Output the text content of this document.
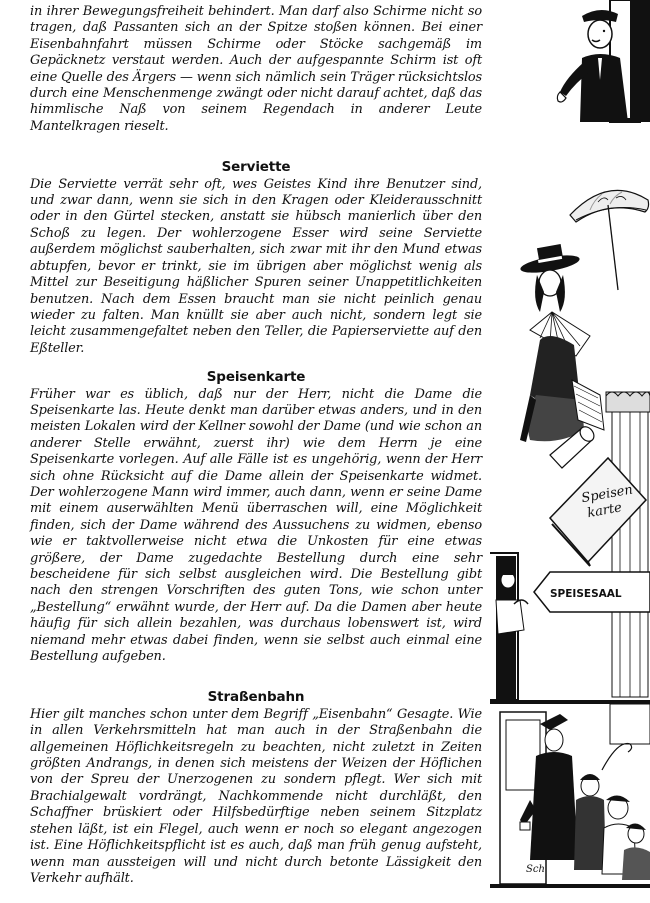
in ihrer Bewegungsfreiheit behindert. Man darf also Schirme nicht so tragen, daß Passanten sich an der Spitze stoßen können. Bei einer Eisenbahnfahrt müssen Schirme oder Stöcke sachgemäß im Gepäcknetz verstaut werden. Auch der aufgespannte Schirm ist oft eine Quelle des Ärgers — wenn sich nämlich sein Träger rücksichtslos durch eine Menschenmenge zwängt oder nicht darauf achtet, daß das himmlische Naß von seinem Regendach in anderer Leute Mantelkragen rieselt.

Serviette

Die Serviette verrät sehr oft, wes Geistes Kind ihre Benutzer sind, und zwar dann, wenn sie sich in den Kragen oder Kleiderausschnitt oder in den Gürtel stecken, anstatt sie hübsch manierlich über den Schoß zu legen. Der wohlerzogene Esser wird seine Serviette außerdem möglichst sauberhalten, sich zwar mit ihr den Mund etwas abtupfen, bevor er trinkt, sie im übrigen aber möglichst wenig als Mittel zur Beseitigung häßlicher Spuren seiner Unappetitlichkeiten benutzen. Nach dem Essen braucht man sie nicht peinlich genau wieder zu falten. Man knüllt sie aber auch nicht, sondern legt sie leicht zusammengefaltet neben den Teller, die Papierserviette auf den Eßteller.

Speisenkarte

Früher war es üblich, daß nur der Herr, nicht die Dame die Speisenkarte las. Heute denkt man darüber etwas anders, und in den meisten Lokalen wird der Kellner sowohl der Dame (und wie schon an anderer Stelle erwähnt, zuerst ihr) wie dem Herrn je eine Speisenkarte vorlegen. Auf alle Fälle ist es ungehörig, wenn der Herr sich ohne Rücksicht auf die Dame allein der Speisenkarte widmet. Der wohlerzogene Mann wird immer, auch dann, wenn er seine Dame mit einem auserwählten Menü überraschen will, eine Möglichkeit finden, sich der Dame während des Aussuchens zu widmen, ebenso wie er taktvollerweise nicht etwa die Unkosten für eine etwas größere, der Dame zugedachte Bestellung durch eine sehr bescheidene für sich selbst ausgleichen wird. Die Bestellung gibt nach den strengen Vorschriften des guten Tons, wie schon unter „Bestellung“ erwähnt wurde, der Herr auf. Da die Damen aber heute häufig für sich allein bezahlen, was durchaus lobenswert ist, wird niemand mehr etwas dabei finden, wenn sie selbst auch einmal eine Bestellung aufgeben.

Straßenbahn

Hier gilt manches schon unter dem Begriff „Eisenbahn“ Gesagte. Wie in allen Verkehrsmitteln hat man auch in der Straßenbahn die allgemeinen Höflichkeitsregeln zu beachten, nicht zuletzt in Zeiten größten Andrangs, in denen sich meistens der Weizen der Höflichen von der Spreu der Unerzogenen zu sondern pflegt. Wer sich mit Brachialgewalt vordrängt, Nachkommende nicht durchläßt, den Schaffner brüskiert oder Hilfsbedürftige neben seinem Sitzplatz stehen läßt, ist ein Flegel, auch wenn er noch so elegant angezogen ist. Eine Höflichkeitspflicht ist es auch, daß man früh genug aufsteht, wenn man aussteigen will und nicht durch betonte Lässigkeit den Verkehr aufhält.

Speisen
karte
SPEISESAAL
Sch
